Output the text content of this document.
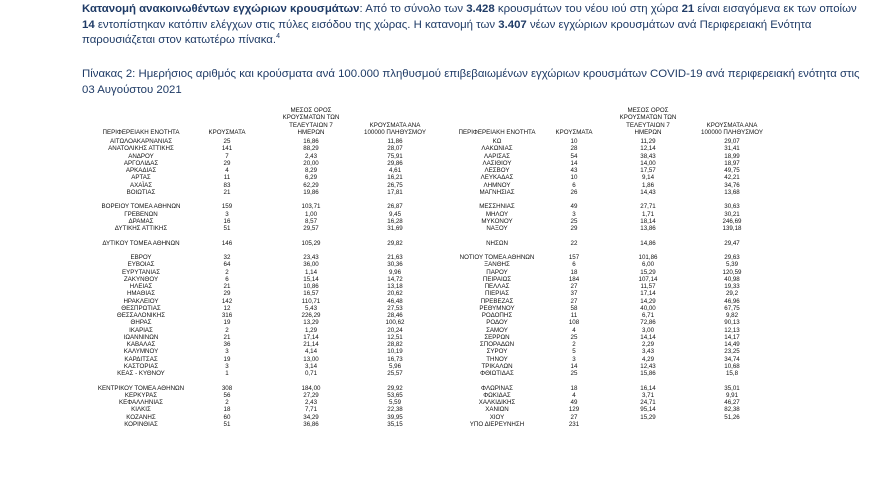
Κατανομή ανακοινωθέντων εγχώριων κρουσμάτων: Από το σύνολο των 3.428 κρουσμάτων του νέου ιού στη χώρα 21 είναι εισαγόμενα εκ των οποίων 14 εντοπίστηκαν κατόπιν ελέγχων στις πύλες εισόδου της χώρας. Η κατανομή των 3.407 νέων εγχώριων κρουσμάτων ανά Περιφερειακή Ενότητα παρουσιάζεται στον κατωτέρω πίνακα.$^4$
Πίνακας 2: Ημερήσιος αριθμός και κρούσματα ανά 100.000 πληθυσμού επιβεβαιωμένων εγχώριων κρουσμάτων COVID-19 ανά περιφερειακή ενότητα στις 03 Αυγούστου 2021
ΠΕΡΙΦΕΡΕΙΑΚΗ ΕΝΟΤΗΤΑ	ΚΡΟΥΣΜΑΤΑ
ΜΕΣΟΣ ΟΡΟΣ ΚΡΟΥΣΜΑΤΩΝ ΤΩΝ ΤΕΛΕΥΤΑΙΩΝ 7 ΗΜΕΡΩΝ
ΚΡΟΥΣΜΑΤΑ ΑΝΑ 100000 ΠΛΗΘΥΣΜΟΥ
ΑΙΤΩΛΟΑΚΑΡΝΑΝΙΑΣ	25	16,86	11,86
ΑΝΑΤΟΛΙΚΗΣ ΑΤΤΙΚΗΣ	141	88,29	28,07
ΑΝΔΡΟΥ	7	2,43	75,91
ΑΡΓΟΛΙΔΑΣ	29	20,00	29,86
ΑΡΚΑΔΙΑΣ	4	8,29	4,61
ΑΡΤΑΣ	11	6,29	16,21
ΑΧΑΪΑΣ	83	62,29	26,75
ΒΟΙΩΤΙΑΣ	21	19,86	17,81
ΒΟΡΕΙΟΥ ΤΟΜΕΑ ΑΘΗΝΩΝ	159	103,71	26,87
ΓΡΕΒΕΝΩΝ	3	1,00	9,45
ΔΡΑΜΑΣ	16	8,57	16,28
ΔΥΤΙΚΗΣ ΑΤΤΙΚΗΣ	51	29,57	31,69
ΔΥΤΙΚΟΥ ΤΟΜΕΑ ΑΘΗΝΩΝ	146	105,29	29,82
ΕΒΡΟΥ	32	23,43	21,63
ΕΥΒΟΙΑΣ	64	36,00	30,36
ΕΥΡΥΤΑΝΙΑΣ	2	1,14	9,96
ΖΑΚΥΝΘΟΥ	6	15,14	14,72
ΗΛΕΙΑΣ	21	10,86	13,18
ΗΜΑΘΙΑΣ	29	16,57	20,62
ΗΡΑΚΛΕΙΟΥ	142	110,71	46,48
ΘΕΣΠΡΩΤΙΑΣ	12	5,43	27,53
ΘΕΣΣΑΛΟΝΙΚΗΣ	316	226,29	28,46
ΘΗΡΑΣ	19	13,29	100,62
ΙΚΑΡΙΑΣ	2	1,29	20,24
ΙΩΑΝΝΙΝΩΝ	21	17,14	12,51
ΚΑΒΑΛΑΣ	36	21,14	28,82
ΚΑΛΥΜΝΟΥ	3	4,14	10,19
ΚΑΡΔΙΤΣΑΣ	19	13,00	16,73
ΚΑΣΤΟΡΙΑΣ	3	3,14	5,96
ΚΕΑΣ - ΚΥΘΝΟΥ	1	0,71	25,57
ΚΕΝΤΡΙΚΟΥ ΤΟΜΕΑ ΑΘΗΝΩΝ	308	184,00	29,92
ΚΕΡΚΥΡΑΣ	56	27,29	53,65
ΚΕΦΑΛΛΗΝΙΑΣ	2	2,43	5,59
ΚΙΛΚΙΣ	18	7,71	22,38
ΚΟΖΑΝΗΣ	60	34,29	39,95
ΚΟΡΙΝΘΙΑΣ	51	36,86	35,15
ΠΕΡΙΦΕΡΕΙΑΚΗ ΕΝΟΤΗΤΑ	ΚΡΟΥΣΜΑΤΑ
ΜΕΣΟΣ ΟΡΟΣ ΚΡΟΥΣΜΑΤΩΝ ΤΩΝ ΤΕΛΕΥΤΑΙΩΝ 7 ΗΜΕΡΩΝ
ΚΡΟΥΣΜΑΤΑ ΑΝΑ 100000 ΠΛΗΘΥΣΜΟΥ
ΚΩ	10	11,29	29,07
ΛΑΚΩΝΙΑΣ	28	12,14	31,41
ΛΑΡΙΣΑΣ	54	38,43	18,99
ΛΑΣΙΘΙΟΥ	14	14,00	18,97
ΛΕΣΒΟΥ	43	17,57	49,75
ΛΕΥΚΑΔΑΣ	10	9,14	42,21
ΛΗΜΝΟΥ	6	1,86	34,76
ΜΑΓΝΗΣΙΑΣ	26	14,43	13,68
ΜΕΣΣΗΝΙΑΣ	49	27,71	30,63
ΜΗΛΟΥ	3	1,71	30,21
ΜΥΚΟΝΟΥ	25	18,14	246,69
ΝΑΞΟΥ	29	13,86	139,18
ΝΗΣΩΝ	22	14,86	29,47
ΝΟΤΙΟΥ ΤΟΜΕΑ ΑΘΗΝΩΝ	157	101,86	29,63
ΞΑΝΘΗΣ	6	6,00	5,39
ΠΑΡΟΥ	18	15,29	120,59
ΠΕΙΡΑΙΩΣ	184	107,14	40,98
ΠΕΛΛΑΣ	27	11,57	19,33
ΠΙΕΡΙΑΣ	37	17,14	29,2
ΠΡΕΒΕΖΑΣ	27	14,29	46,96
ΡΕΘΥΜΝΟΥ	58	40,00	67,75
ΡΟΔΟΠΗΣ	11	6,71	9,82
ΡΟΔΟΥ	108	72,86	90,13
ΣΑΜΟΥ	4	3,00	12,13
ΣΕΡΡΩΝ	25	14,14	14,17
ΣΠΟΡΑΔΩΝ	2	2,29	14,49
ΣΥΡΟΥ	5	3,43	23,25
ΤΗΝΟΥ	3	4,29	34,74
ΤΡΙΚΑΛΩΝ	14	12,43	10,68
ΦΘΙΩΤΙΔΑΣ	25	15,86	15,8
ΦΛΩΡΙΝΑΣ	18	16,14	35,01
ΦΩΚΙΔΑΣ	4	3,71	9,91
ΧΑΛΚΙΔΙΚΗΣ	49	24,71	46,27
ΧΑΝΙΩΝ	129	95,14	82,38
ΧΙΟΥ	27	15,29	51,26
ΥΠΟ ΔΙΕΡΕΥΝΗΣΗ	231
